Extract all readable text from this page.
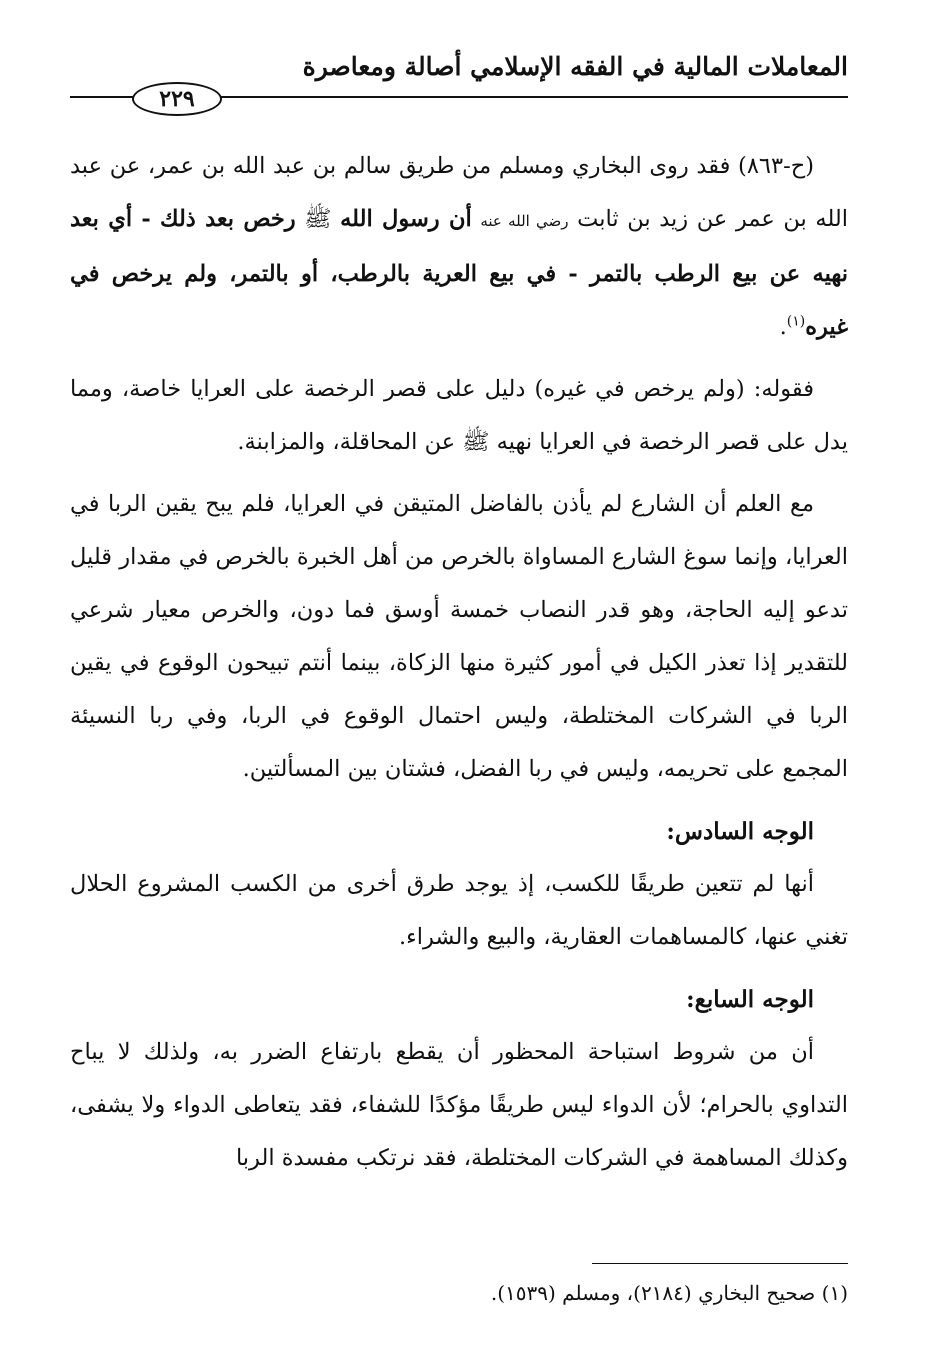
المعاملات المالية في الفقه الإسلامي أصالة ومعاصرة
٢٢٩

(ح-٨٦٣) فقد روى البخاري ومسلم من طريق سالم بن عبد الله بن عمر، عن عبد الله بن عمر عن زيد بن ثابت رضي الله عنه أن رسول الله ﷺ رخص بعد ذلك - أي بعد نهيه عن بيع الرطب بالتمر - في بيع العرية بالرطب، أو بالتمر، ولم يرخص في غيره$^{(١)}$.

فقوله: (ولم يرخص في غيره) دليل على قصر الرخصة على العرايا خاصة، ومما يدل على قصر الرخصة في العرايا نهيه ﷺ عن المحاقلة، والمزابنة.

مع العلم أن الشارع لم يأذن بالفاضل المتيقن في العرايا، فلم يبح يقين الربا في العرايا، وإنما سوغ الشارع المساواة بالخرص من أهل الخبرة بالخرص في مقدار قليل تدعو إليه الحاجة، وهو قدر النصاب خمسة أوسق فما دون، والخرص معيار شرعي للتقدير إذا تعذر الكيل في أمور كثيرة منها الزكاة، بينما أنتم تبيحون الوقوع في يقين الربا في الشركات المختلطة، وليس احتمال الوقوع في الربا، وفي ربا النسيئة المجمع على تحريمه، وليس في ربا الفضل، فشتان بين المسألتين.

الوجه السادس:

أنها لم تتعين طريقًا للكسب، إذ يوجد طرق أخرى من الكسب المشروع الحلال تغني عنها، كالمساهمات العقارية، والبيع والشراء.

الوجه السابع:

أن من شروط استباحة المحظور أن يقطع بارتفاع الضرر به، ولذلك لا يباح التداوي بالحرام؛ لأن الدواء ليس طريقًا مؤكدًا للشفاء، فقد يتعاطى الدواء ولا يشفى، وكذلك المساهمة في الشركات المختلطة، فقد نرتكب مفسدة الربا

(١) صحيح البخاري (٢١٨٤)، ومسلم (١٥٣٩).
